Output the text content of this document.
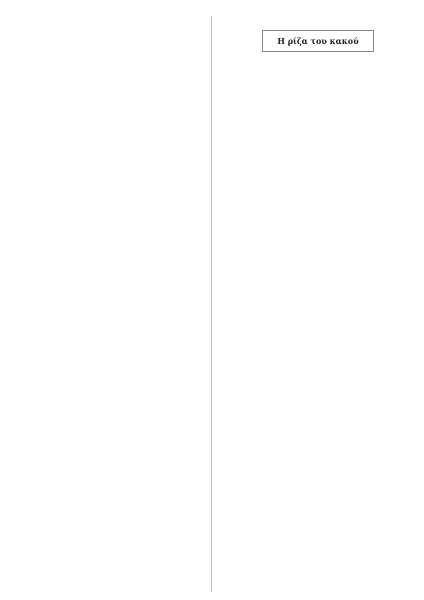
Η ρίζα του κακού
